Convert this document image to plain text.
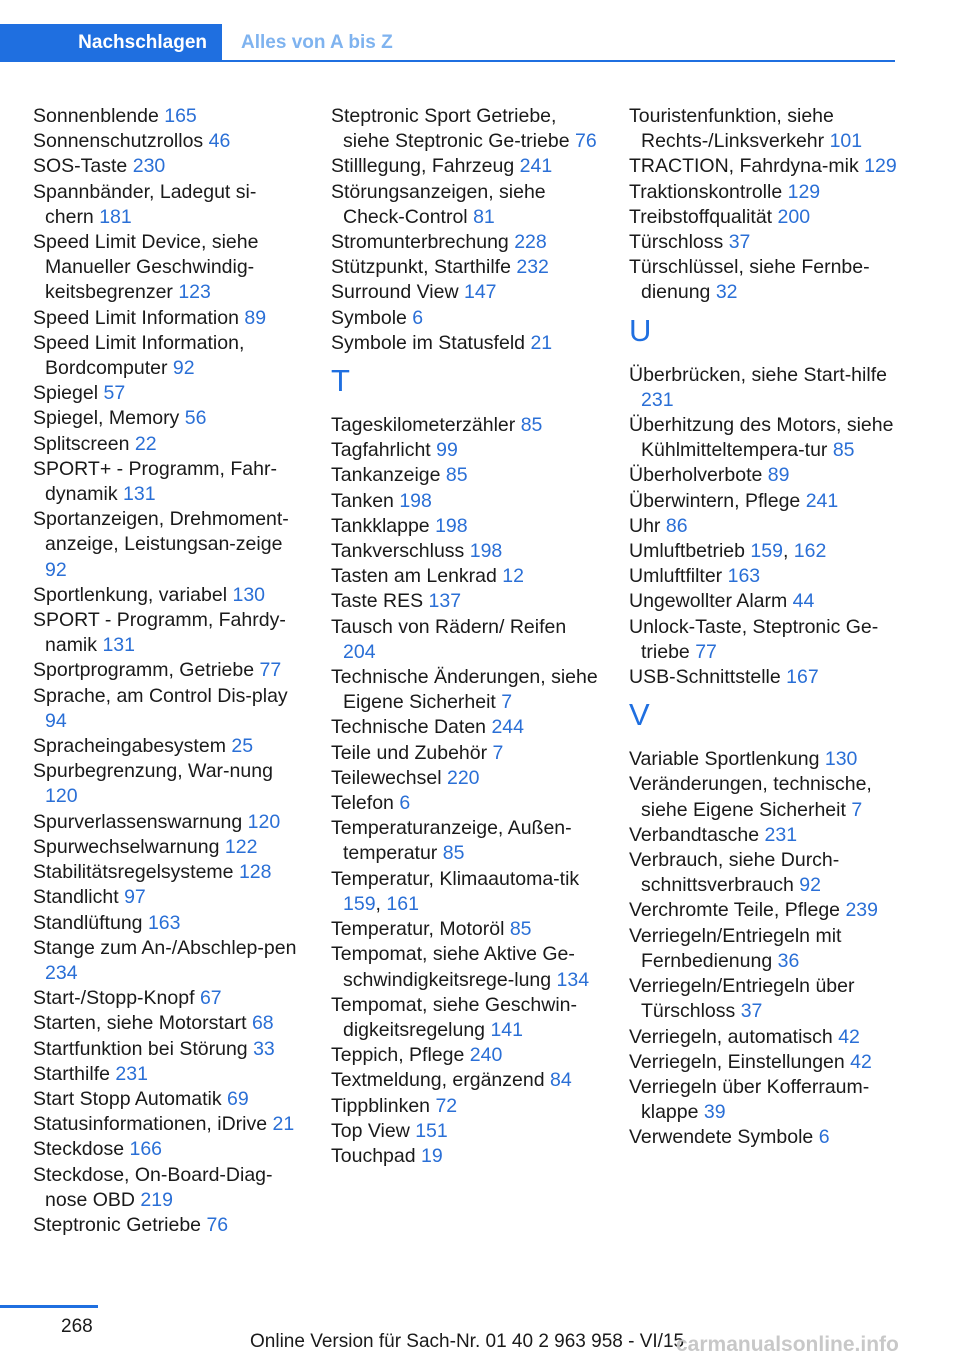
Nachschlagen	Alles von A bis Z
Sonnenblende 165
Sonnenschutzrollos 46
SOS-Taste 230
Spannbänder, Ladegut si-​chern 181
Speed Limit Device, siehe Manueller Geschwindig-​keitsbegrenzer 123
Speed Limit Information 89
Speed Limit Information, Bordcomputer 92
Spiegel 57
Spiegel, Memory 56
Splitscreen 22
SPORT+ - Programm, Fahr-​dynamik 131
Sportanzeigen, Drehmoment-​anzeige, Leistungsan-​zeige 92
Sportlenkung, variabel 130
SPORT - Programm, Fahrdy-​namik 131
Sportprogramm, Getriebe 77
Sprache, am Control Dis-​play 94
Spracheingabesystem 25
Spurbegrenzung, War-​nung 120
Spurverlassenswarnung 120
Spurwechselwarnung 122
Stabilitätsregelsysteme 128
Standlicht 97
Standlüftung 163
Stange zum An-/Abschlep-​pen 234
Start-/Stopp-Knopf 67
Starten, siehe Motorstart 68
Startfunktion bei Störung 33
Starthilfe 231
Start Stopp Automatik 69
Statusinformationen, iDrive 21
Steckdose 166
Steckdose, On-Board-Diag-​nose OBD 219
Steptronic Getriebe 76
Steptronic Sport Getriebe, siehe Steptronic Ge-​triebe 76
Stilllegung, Fahrzeug 241
Störungsanzeigen, siehe Check-Control 81
Stromunterbrechung 228
Stützpunkt, Starthilfe 232
Surround View 147
Symbole 6
Symbole im Statusfeld 21
T
Tageskilometerzähler 85
Tagfahrlicht 99
Tankanzeige 85
Tanken 198
Tankklappe 198
Tankverschluss 198
Tasten am Lenkrad 12
Taste RES 137
Tausch von Rädern/ Reifen 204
Technische Änderungen, siehe Eigene Sicherheit 7
Technische Daten 244
Teile und Zubehör 7
Teilewechsel 220
Telefon 6
Temperaturanzeige, Außen-​temperatur 85
Temperatur, Klimaautoma-​tik 159, 161
Temperatur, Motoröl 85
Tempomat, siehe Aktive Ge-​schwindigkeitsrege-​lung 134
Tempomat, siehe Geschwin-​digkeitsregelung 141
Teppich, Pflege 240
Textmeldung, ergänzend 84
Tippblinken 72
Top View 151
Touchpad 19
Touristenfunktion, siehe Rechts-/Linksverkehr 101
TRACTION, Fahrdyna-​mik 129
Traktionskontrolle 129
Treibstoffqualität 200
Türschloss 37
Türschlüssel, siehe Fernbe-​dienung 32
U
Überbrücken, siehe Start-​hilfe 231
Überhitzung des Motors, siehe Kühlmitteltempera-​tur 85
Überholverbote 89
Überwintern, Pflege 241
Uhr 86
Umluftbetrieb 159, 162
Umluftfilter 163
Ungewollter Alarm 44
Unlock-Taste, Steptronic Ge-​triebe 77
USB-Schnittstelle 167
V
Variable Sportlenkung 130
Veränderungen, technische, siehe Eigene Sicherheit 7
Verbandtasche 231
Verbrauch, siehe Durch-​schnittsverbrauch 92
Verchromte Teile, Pflege 239
Verriegeln/Entriegeln mit Fernbedienung 36
Verriegeln/Entriegeln über Türschloss 37
Verriegeln, automatisch 42
Verriegeln, Einstellungen 42
Verriegeln über Kofferraum-​klappe 39
Verwendete Symbole 6
268
Online Version für Sach-Nr. 01 40 2 963 958 - VI/15
carmanualsonline.info
